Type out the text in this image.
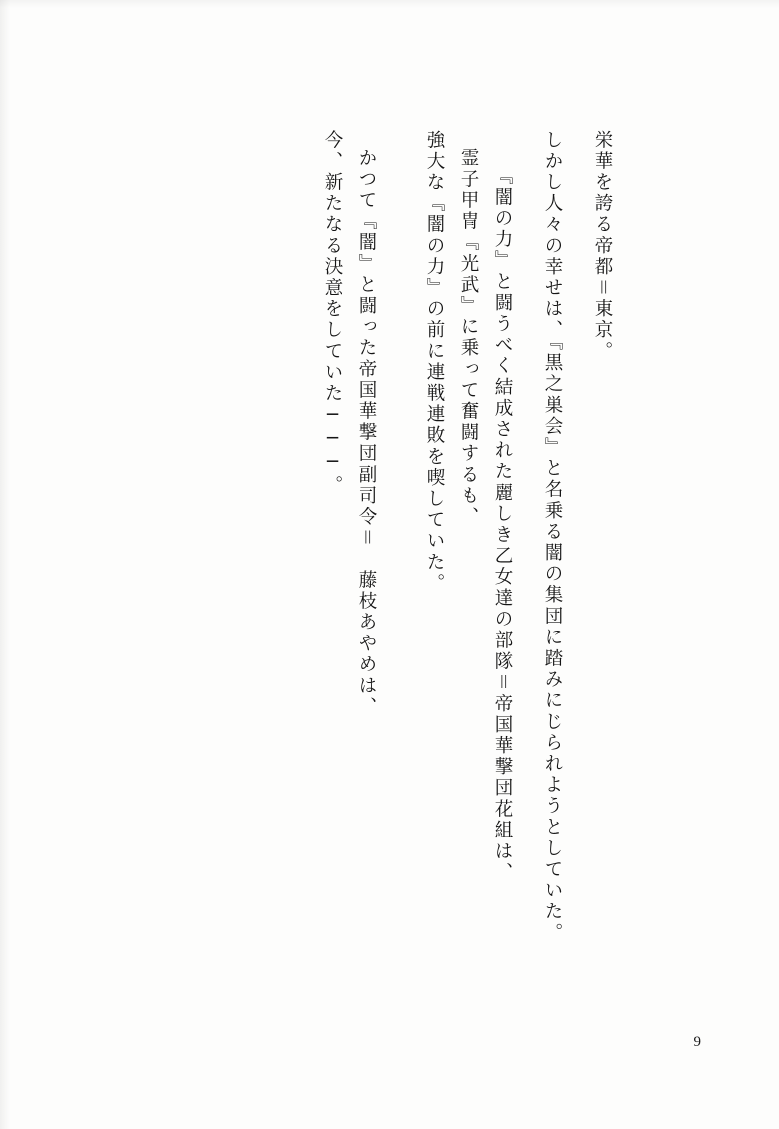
栄華を誇る帝都＝東京。
しかし人々の幸せは、『黒之巣会』と名乗る闇の集団に踏みにじられようとしていた。
『闇の力』と闘うべく結成された麗しき乙女達の部隊＝帝国華撃団花組は、
霊子甲冑『光武』に乗って奮闘するも、
強大な『闇の力』の前に連戦連敗を喫していた。
かつて『闇』と闘った帝国華撃団副司令＝　藤枝あやめは、
今、新たなる決意をしていた───。
9
